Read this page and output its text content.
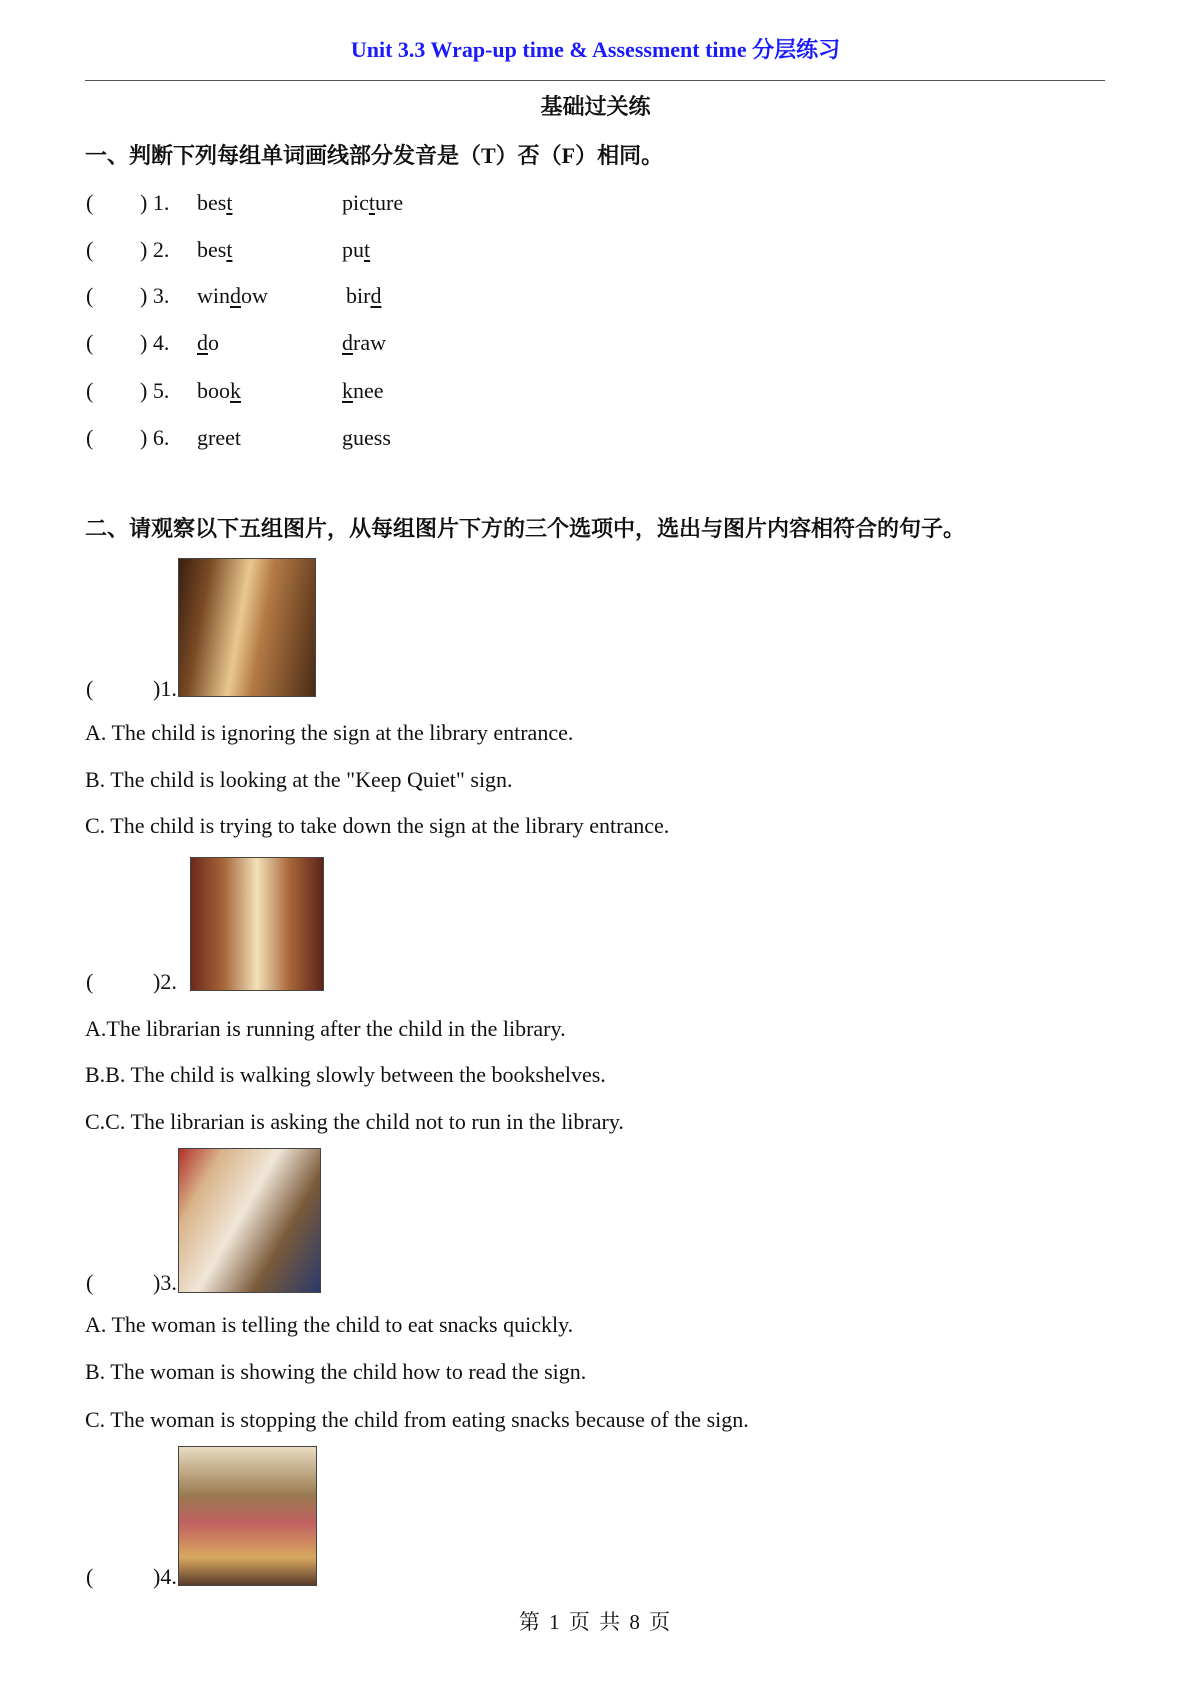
Unit 3.3 Wrap-up time & Assessment time 分层练习
基础过关练
一、判断下列每组单词画线部分发音是（T）否（F）相同。
( ) 1. best	picture
( ) 2. best	put
( ) 3. window	bird
( ) 4. do	draw
( ) 5. book	knee
( ) 6. greet	guess
二、请观察以下五组图片，从每组图片下方的三个选项中，选出与图片内容相符合的句子。
(	)1.
A. The child is ignoring the sign at the library entrance.
B. The child is looking at the "Keep Quiet" sign.
C. The child is trying to take down the sign at the library entrance.
(	)2.
A.The librarian is running after the child in the library.
B.B. The child is walking slowly between the bookshelves.
C.C. The librarian is asking the child not to run in the library.
(	)3.
A. The woman is telling the child to eat snacks quickly.
B. The woman is showing the child how to read the sign.
C. The woman is stopping the child from eating snacks because of the sign.
(	)4.
第 1 页 共 8 页
